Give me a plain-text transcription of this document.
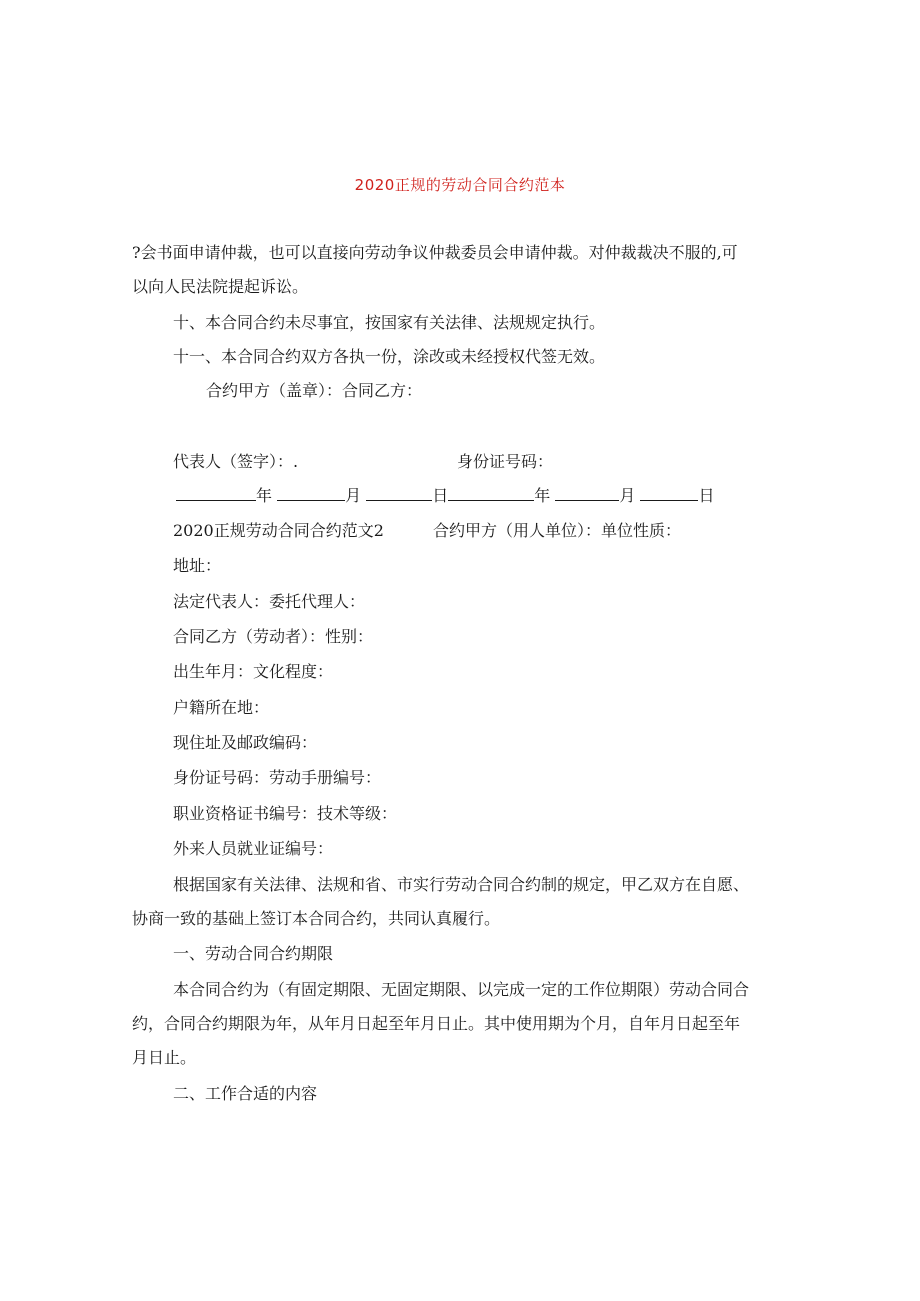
2020正规的劳动合同合约范本
?会书面申请仲裁，也可以直接向劳动争议仲裁委员会申请仲裁。对仲裁裁决不服的,可
以向人民法院提起诉讼。
十、本合同合约未尽事宜，按国家有关法律、法规规定执行。
十一、本合同合约双方各执一份，涂改或未经授权代签无效。
合约甲方（盖章）：合同乙方：
代表人（签字）：.	身份证号码：
年	月	日	年	月	日
2020正规劳动合同合约范文2	合约甲方（用人单位）：单位性质：
地址：
法定代表人：委托代理人：
合同乙方（劳动者）：性别：
出生年月：文化程度：
户籍所在地：
现住址及邮政编码：
身份证号码：劳动手册编号：
职业资格证书编号：技术等级：
外来人员就业证编号：
根据国家有关法律、法规和省、市实行劳动合同合约制的规定，甲乙双方在自愿、
协商一致的基础上签订本合同合约，共同认真履行。
一、劳动合同合约期限
本合同合约为（有固定期限、无固定期限、以完成一定的工作位期限）劳动合同合
约，合同合约期限为年，从年月日起至年月日止。其中使用期为个月，自年月日起至年
月日止。
二、工作合适的内容
